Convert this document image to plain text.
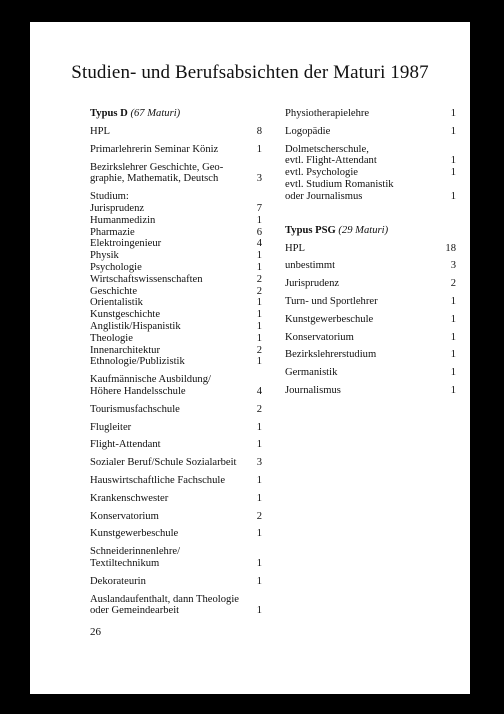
Studien- und Berufsabsichten der Maturi 1987
Typus D (67 Maturi)
HPL	8
Primarlehrerin Seminar Köniz	1
Bezirkslehrer Geschichte, Geo-
graphie, Mathematik, Deutsch	3
Studium:
Jurisprudenz	7
Humanmedizin	1
Pharmazie	6
Elektroingenieur	4
Physik	1
Psychologie	1
Wirtschaftswissenschaften	2
Geschichte	2
Orientalistik	1
Kunstgeschichte	1
Anglistik/Hispanistik	1
Theologie	1
Innenarchitektur	2
Ethnologie/Publizistik	1
Kaufmännische Ausbildung/
Höhere Handelsschule	4
Tourismusfachschule	2
Flugleiter	1
Flight-Attendant	1
Sozialer Beruf/Schule Sozialarbeit	3
Hauswirtschaftliche Fachschule	1
Krankenschwester	1
Konservatorium	2
Kunstgewerbeschule	1
Schneiderinnenlehre/
Textiltechnikum	1
Dekorateurin	1
Auslandaufenthalt, dann Theologie
oder Gemeindearbeit	1
Physiotherapielehre	1
Logopädie	1
Dolmetscherschule,
evtl. Flight-Attendant	1
evtl. Psychologie	1
evtl. Studium Romanistik
oder Journalismus	1
Typus PSG (29 Maturi)
HPL	18
unbestimmt	3
Jurisprudenz	2
Turn- und Sportlehrer	1
Kunstgewerbeschule	1
Konservatorium	1
Bezirkslehrerstudium	1
Germanistik	1
Journalismus	1
26
